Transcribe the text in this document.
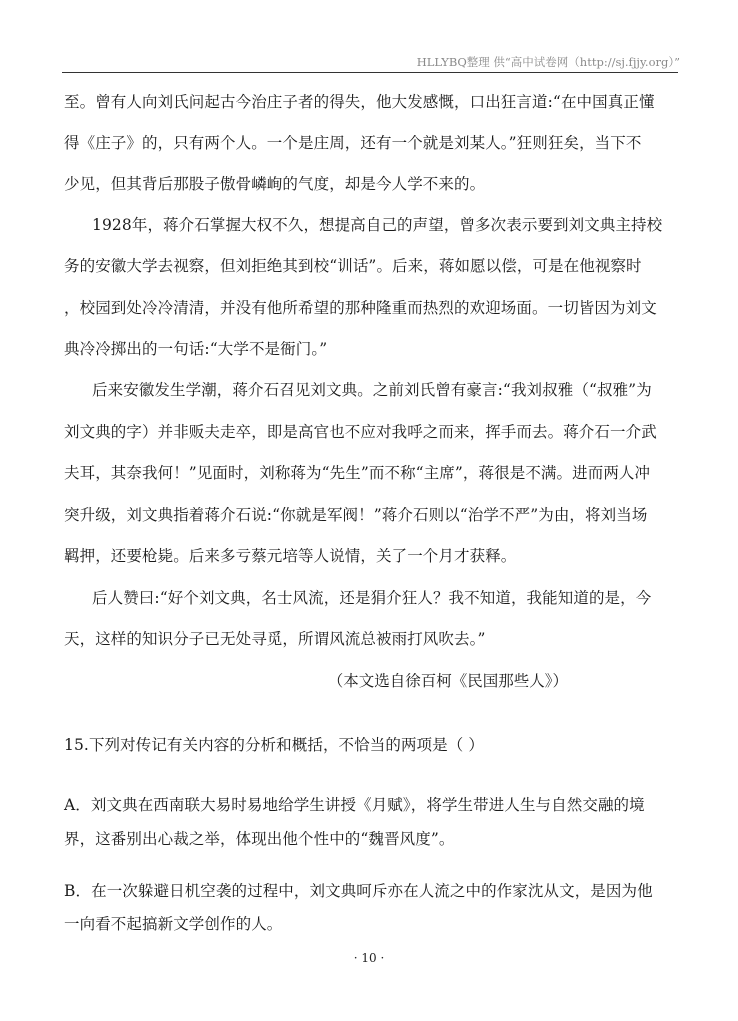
HLLYBQ整理 供“高中试卷网（http://sj.fjjy.org）”
至。曾有人向刘氏问起古今治庄子者的得失，他大发感慨，口出狂言道:“在中国真正懂
得《庄子》的，只有两个人。一个是庄周，还有一个就是刘某人。”狂则狂矣，当下不
少见，但其背后那股子傲骨嶙峋的气度，却是今人学不来的。
1928年，蒋介石掌握大权不久，想提高自己的声望，曾多次表示要到刘文典主持校
务的安徽大学去视察，但刘拒绝其到校“训话”。后来，蒋如愿以偿，可是在他视察时
，校园到处冷冷清清，并没有他所希望的那种隆重而热烈的欢迎场面。一切皆因为刘文
典冷冷掷出的一句话:“大学不是衙门。”
后来安徽发生学潮，蒋介石召见刘文典。之前刘氏曾有豪言:“我刘叔雅（“叔雅”为
刘文典的字）并非贩夫走卒，即是高官也不应对我呼之而来，挥手而去。蒋介石一介武
夫耳，其奈我何！”见面时，刘称蒋为“先生”而不称“主席”，蒋很是不满。进而两人冲
突升级，刘文典指着蒋介石说:“你就是军阀！”蒋介石则以“治学不严”为由，将刘当场
羁押，还要枪毙。后来多亏蔡元培等人说情，关了一个月才获释。
后人赞曰:“好个刘文典，名士风流，还是狷介狂人？我不知道，我能知道的是，今
天，这样的知识分子已无处寻觅，所谓风流总被雨打风吹去。”
（本文选自徐百柯《民国那些人》）
15.下列对传记有关内容的分析和概括，不恰当的两项是（ ）
A．刘文典在西南联大易时易地给学生讲授《月赋》，将学生带进人生与自然交融的境
界，这番别出心裁之举，体现出他个性中的“魏晋风度”。
B．在一次躲避日机空袭的过程中，刘文典呵斥亦在人流之中的作家沈从文，是因为他
一向看不起搞新文学创作的人。
· 10 ·
